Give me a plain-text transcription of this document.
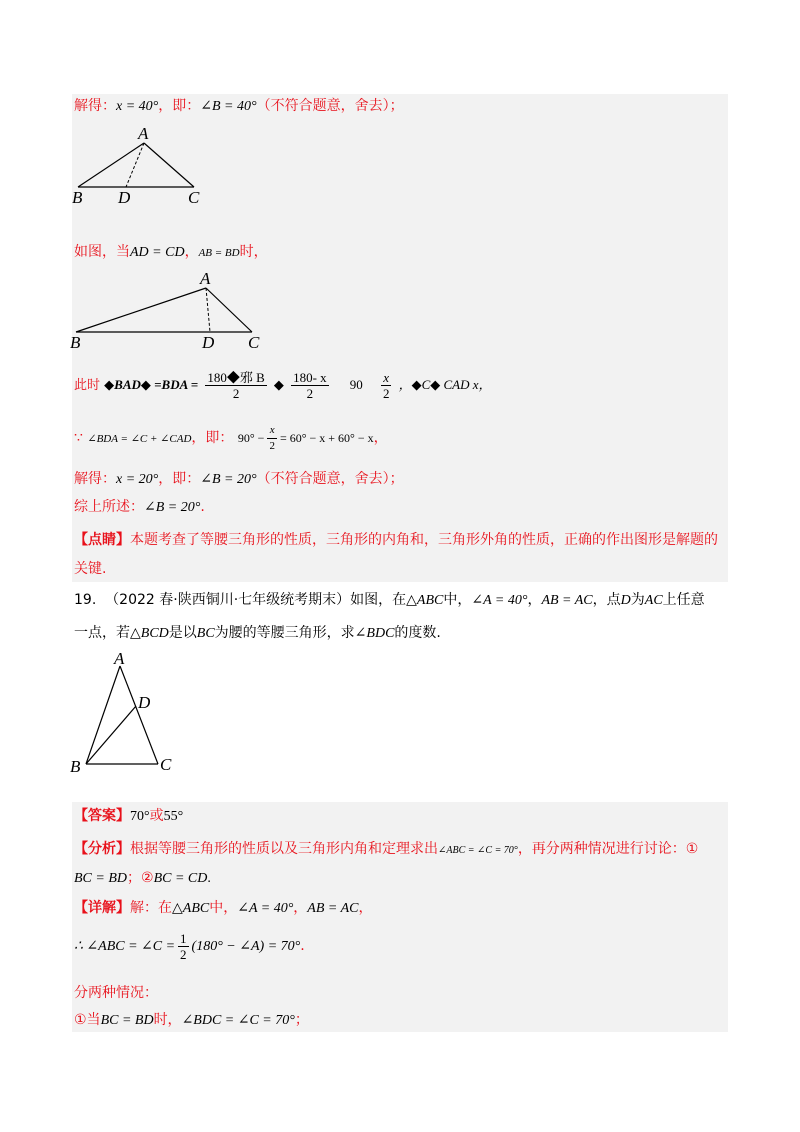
解得：x = 40°，即：∠B = 40°（不符合题意，舍去）；
A
B D	C
如图，当AD = CD，AB = BD时，
A
B	D C
此时 ◆BAD◆ $=BDA = \frac{\text{180◆邪 B}}{2}$ ◆ $\frac{180- x}{2} 90 \frac{x}{2}$ ，◆C◆ CAD x，
∵ ∠BDA = ∠C + ∠CAD，即： $90^\circ - \frac{x}{2} = 60^\circ - x + 60^\circ - x$，
解得：x = 20°，即：∠B = 20°（不符合题意，舍去）；
综上所述：∠B = 20°.
【点睛】本题考查了等腰三角形的性质，三角形的内角和，三角形外角的性质，正确的作出图形是解题的
关键.
19. （2022 春·陕西铜川·七年级统考期末）如图，在△ABC中，∠A = 40°，AB = AC，点D为AC上任意
一点，若△BCD是以BC为腰的等腰三角形，求∠BDC的度数.
A
D
B	C
【答案】70°或55°
【分析】根据等腰三角形的性质以及三角形内角和定理求出∠ABC = ∠C = 70°，再分两种情况进行讨论：①
BC = BD；②BC = CD.
【详解】解：在△ABC中，∠A = 40°，AB = AC，
∴ ∠ABC = ∠C = $\frac{1}{2} (180^\circ$ − ∠A) = 70°.
分两种情况：
①当BC = BD时，∠BDC = ∠C = 70°；
